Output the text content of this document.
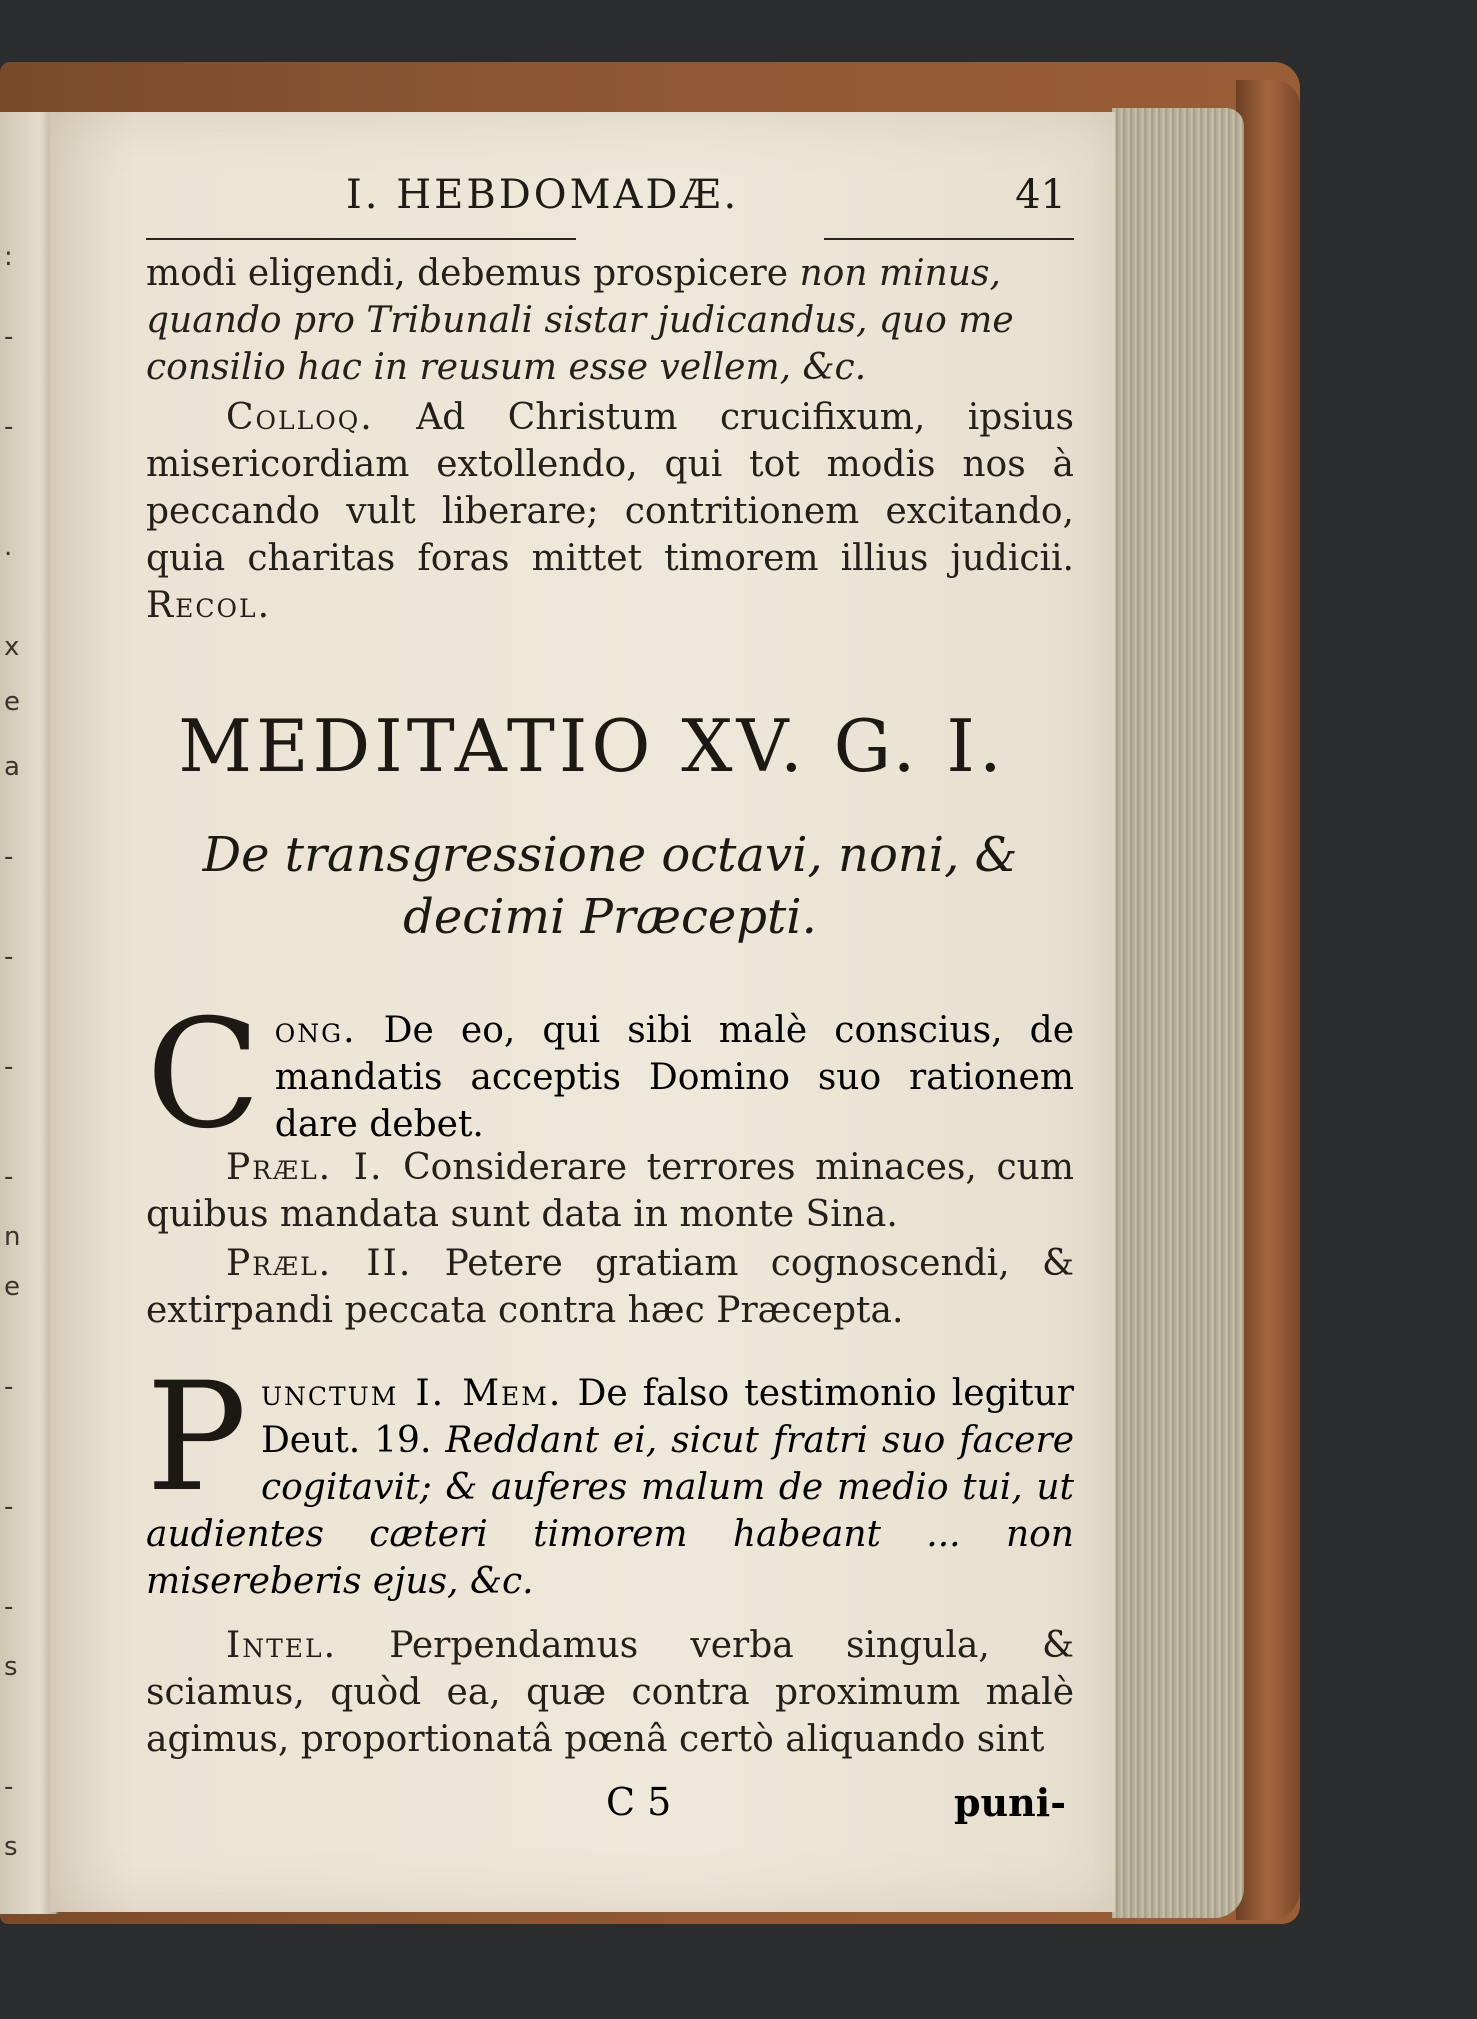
:
-
-
.
x
e
a
-
-
-
-
n
e
-
-
-
s
-
s
I. HEBDOMADÆ.	41
modi eligendi, debemus prospicere non minus,
quando pro Tribunali sistar judicandus, quo me
consilio hac in reusum esse vellem, &c.
Colloq. Ad Christum crucifixum, ipsius misericordiam extollendo, qui tot modis nos à peccando vult liberare; contritionem excitando, quia charitas foras mittet timorem illius judicii. Recol.
MEDITATIO XV. G. I.
De transgressione octavi, noni, & decimi Præcepti.
Cong. De eo, qui sibi malè conscius, de mandatis acceptis Domino suo rationem dare debet.
Præl. I. Considerare terrores minaces, cum quibus mandata sunt data in monte Sina.
Præl. II. Petere gratiam cognoscendi, & extirpandi peccata contra hæc Præcepta.
Punctum I. Mem. De falso testimonio legitur Deut. 19. Reddant ei, sicut fratri suo facere cogitavit; & auferes malum de medio tui, ut audientes cæteri timorem habeant ... non misereberis ejus, &c.
Intel. Perpendamus verba singula, & sciamus, quòd ea, quæ contra proximum malè agimus, proportionatâ pœnâ certò aliquando sint
C 5	puni-
